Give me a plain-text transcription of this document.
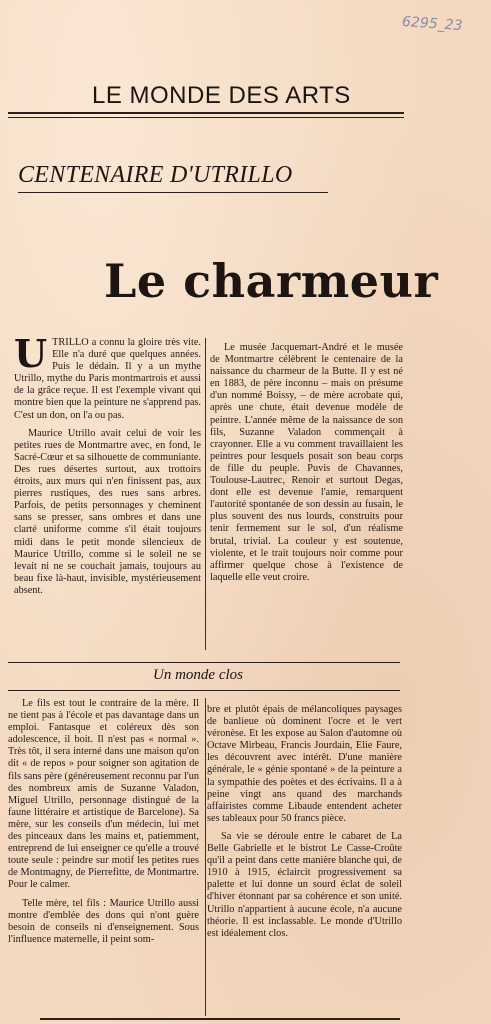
6295_23
LE MONDE DES ARTS
CENTENAIRE D'UTRILLO
Le charmeur

UTRILLO a connu la gloire très vite. Elle n'a duré que quelques années. Puis le dédain. Il y a un mythe Utrillo, mythe du Paris montmartrois et aussi de la grâce reçue. Il est l'exemple vivant qui montre bien que la peinture ne s'apprend pas. C'est un don, on l'a ou pas.

Maurice Utrillo avait celui de voir les petites rues de Montmartre avec, en fond, le Sacré-Cœur et sa silhouette de communiante. Des rues désertes surtout, aux trottoirs étroits, aux murs qui n'en finissent pas, aux pierres rustiques, des rues sans arbres. Parfois, de petits personnages y cheminent sans se presser, sans ombres et dans une clarté uniforme comme s'il était toujours midi dans le petit monde silencieux de Maurice Utrillo, comme si le soleil ne se levait ni ne se couchait jamais, toujours au beau fixe là-haut, invisible, mystérieusement absent.

Le musée Jacquemart-André et le musée de Montmartre célèbrent le centenaire de la naissance du charmeur de la Butte. Il y est né en 1883, de père inconnu – mais on présume d'un nommé Boissy, – de mère acrobate qui, après une chute, était devenue modèle de peintre. L'année même de la naissance de son fils, Suzanne Valadon commençait à crayonner. Elle a vu comment travaillaient les peintres pour lesquels posait son beau corps de fille du peuple. Puvis de Chavannes, Toulouse-Lautrec, Renoir et surtout Degas, dont elle est devenue l'amie, remarquent l'autorité spontanée de son dessin au fusain, le plus souvent des nus lourds, construits pour tenir fermement sur le sol, d'un réalisme brutal, trivial. La couleur y est soutenue, violente, et le trait toujours noir comme pour affirmer quelque chose à l'existence de laquelle elle veut croire.

Un monde clos

Le fils est tout le contraire de la mère. Il ne tient pas à l'école et pas davantage dans un emploi. Fantasque et coléreux dès son adolescence, il boit. Il n'est pas « normal ». Très tôt, il sera interné dans une maison qu'on dit « de repos » pour soigner son agitation de fils sans père (généreusement reconnu par l'un des nombreux amis de Suzanne Valadon, Miguel Utrillo, personnage distingué de la faune littéraire et artistique de Barcelone). Sa mère, sur les conseils d'un médecin, lui met des pinceaux dans les mains et, patiemment, entreprend de lui enseigner ce qu'elle a trouvé toute seule : peindre sur motif les petites rues de Montmagny, de Pierrefitte, de Montmartre. Pour le calmer.

Telle mère, tel fils : Maurice Utrillo aussi montre d'emblée des dons qui n'ont guère besoin de conseils ni d'enseignement. Sous l'influence maternelle, il peint som-

bre et plutôt épais de mélancoliques paysages de banlieue où dominent l'ocre et le vert véronèse. Et les expose au Salon d'automne où Octave Mirbeau, Francis Jourdain, Elie Faure, les découvrent avec intérêt. D'une manière générale, le « génie spontané » de la peinture a la sympathie des poètes et des écrivains. Il a à peine vingt ans quand des marchands affairistes comme Libaude entendent acheter ses tableaux pour 50 francs pièce.

Sa vie se déroule entre le cabaret de La Belle Gabrielle et le bistrot Le Casse-Croûte qu'il a peint dans cette manière blanche qui, de 1910 à 1915, éclaircit progressivement sa palette et lui donne un sourd éclat de soleil d'hiver étonnant par sa cohérence et son unité. Utrillo n'appartient à aucune école, n'a aucune théorie. Il est inclassable. Le monde d'Utrillo est idéalement clos.
